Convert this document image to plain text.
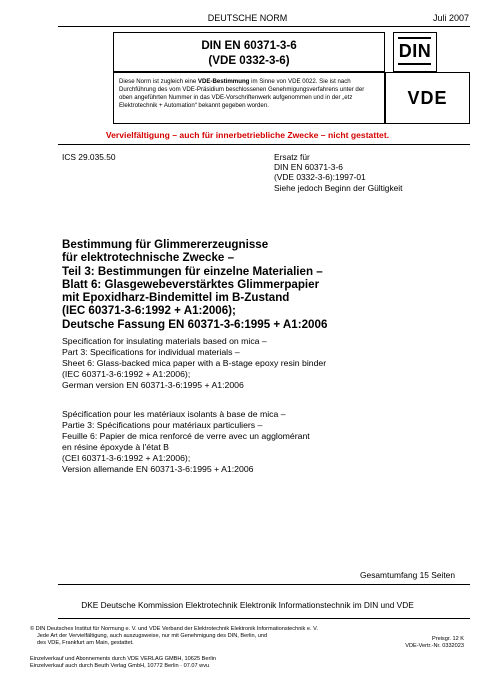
DEUTSCHE NORM	Juli 2007
DIN EN 60371-3-6
(VDE 0332-3-6)	DIN
Diese Norm ist zugleich eine VDE-Bestimmung im Sinne von VDE 0022. Sie ist nach Durchführung des vom VDE-Präsidium beschlossenen Genehmigungsverfahrens unter der oben angeführten Nummer in das VDE-Vorschriftenwerk aufgenommen und in der „etz Elektrotechnik + Automation“ bekannt gegeben worden.	VDE
Vervielfältigung – auch für innerbetriebliche Zwecke – nicht gestattet.
ICS 29.035.50	Ersatz für
DIN EN 60371-3-6
(VDE 0332-3-6):1997-01
Siehe jedoch Beginn der Gültigkeit
Bestimmung für Glimmererzeugnisse
für elektrotechnische Zwecke –
Teil 3: Bestimmungen für einzelne Materialien –
Blatt 6: Glasgewebeverstärktes Glimmerpapier
mit Epoxidharz-Bindemittel im B-Zustand
(IEC 60371-3-6:1992 + A1:2006);
Deutsche Fassung EN 60371-3-6:1995 + A1:2006
Specification for insulating materials based on mica –
Part 3: Specifications for individual materials –
Sheet 6: Glass-backed mica paper with a B-stage epoxy resin binder
(IEC 60371-3-6:1992 + A1:2006);
German version EN 60371-3-6:1995 + A1:2006
Spécification pour les matériaux isolants à base de mica –
Partie 3: Spécifications pour matériaux particuliers –
Feuille 6: Papier de mica renforcé de verre avec un agglomérant
en résine époxyde à l'état B
(CEI 60371-3-6:1992 + A1:2006);
Version allemande EN 60371-3-6:1995 + A1:2006
Gesamtumfang 15 Seiten
DKE Deutsche Kommission Elektrotechnik Elektronik Informationstechnik im DIN und VDE
© DIN Deutsches Institut für Normung e. V. und VDE Verband der Elektrotechnik Elektronik Informationstechnik e. V.
Jede Art der Vervielfältigung, auch auszugsweise, nur mit Genehmigung des DIN, Berlin, und
des VDE, Frankfurt am Main, gestattet.
Einzelverkauf und Abonnements durch VDE VERLAG GMBH, 10625 Berlin
Einzelverkauf auch durch Beuth Verlag GmbH, 10772 Berlin · 07.07 wvu
Preisgr. 12 K
VDE-Vertr.-Nr. 0332023
